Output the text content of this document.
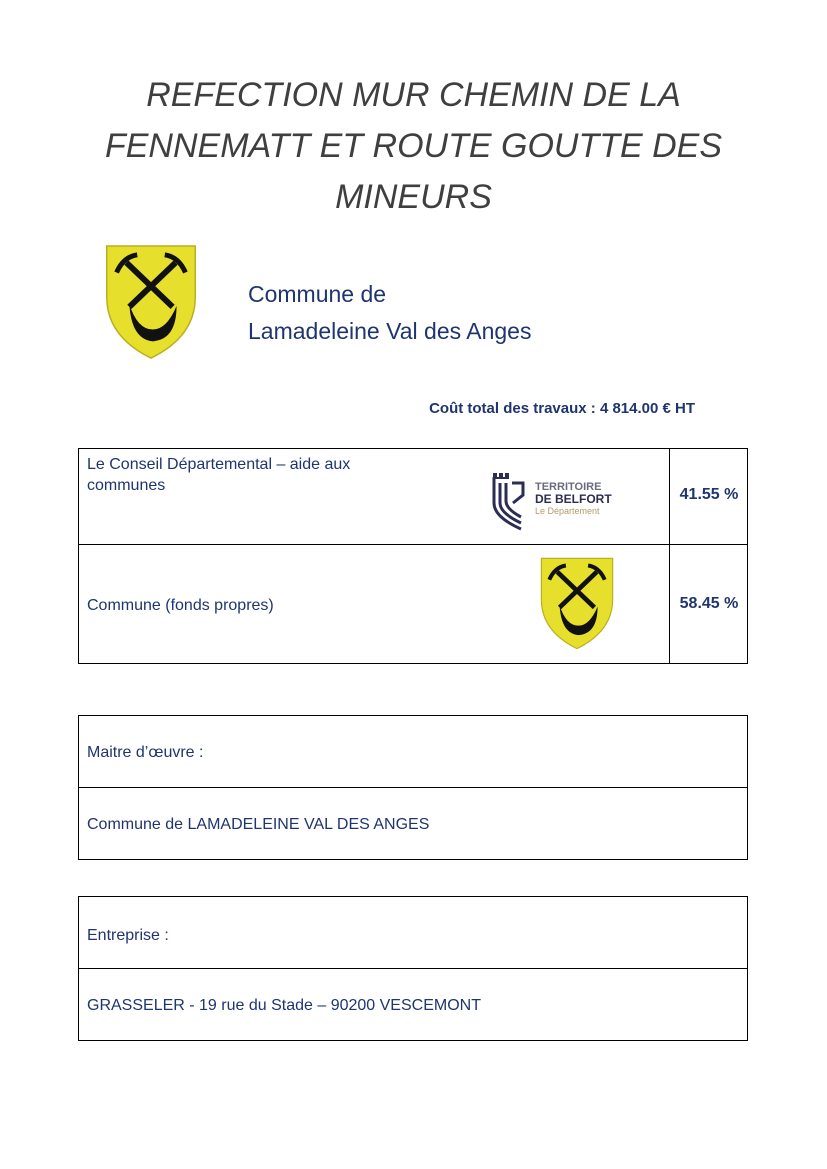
REFECTION MUR CHEMIN DE LA
FENNEMATT ET ROUTE GOUTTE DES
MINEURS
Commune de
Lamadeleine Val des Anges
Coût total des travaux : 4 814.00 € HT
Le Conseil Départemental – aide aux communes	TERRITOIRE
DE BELFORT
Le Département
41.55 %
Commune (fonds propres)	58.45 %
Maitre d’œuvre :
Commune de LAMADELEINE VAL DES ANGES
Entreprise :
GRASSELER - 19 rue du Stade – 90200 VESCEMONT
